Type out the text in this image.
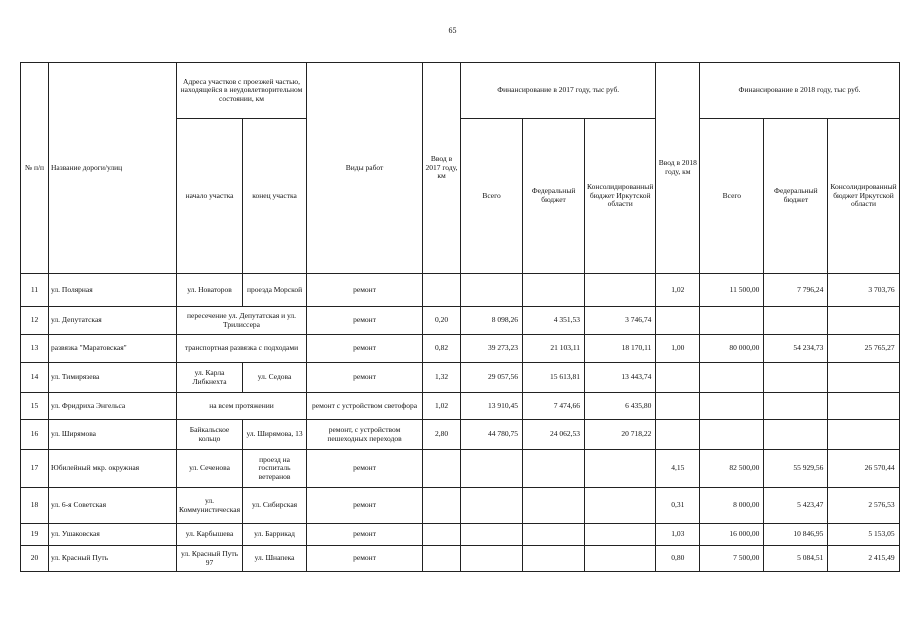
65
№ п/п	Название дороги/улиц	Адреса участков с проезжей частью, находящейся в неудовлетворительном состоянии, км		Виды работ	Ввод в 2017 году, км	Финансирование в 2017 году, тыс руб.			Ввод в 2018 году, км	Финансирование в 2018 году, тыс руб.		
		начало участка	конец участка			Всего	Федеральный бюджет	Консолидированный бюджет Иркутской области		Всего	Федеральный бюджет	Консолидированный бюджет Иркутской области
11	ул. Полярная	ул. Новаторов	проезда Морской	ремонт					1,02	11 500,00	7 796,24	3 703,76
12	ул. Депутатская	пересечение ул. Депутатская и ул. Трилиссера		ремонт	0,20	8 098,26	4 351,53	3 746,74				
13	развязка "Маратовская"	транспортная развязка с подходами		ремонт	0,82	39 273,23	21 103,11	18 170,11	1,00	80 000,00	54 234,73	25 765,27
14	ул. Тимирязева	ул. Карла Либкнехта	ул. Седова	ремонт	1,32	29 057,56	15 613,81	13 443,74				
15	ул. Фридриха Энгельса	на всем протяжении		ремонт с устройством светофора	1,02	13 910,45	7 474,66	6 435,80				
16	ул. Ширямова	Байкальское кольцо	ул. Ширямова, 13	ремонт, с устройством пешеходных переходов	2,80	44 780,75	24 062,53	20 718,22				
17	Юбилейный мкр. окружная	ул. Сеченова	проезд на госпиталь ветеранов	ремонт					4,15	82 500,00	55 929,56	26 570,44
18	ул. 6-я Советская	ул. Коммунистическая	ул. Сибирская	ремонт					0,31	8 000,00	5 423,47	2 576,53
19	ул. Ушаковская	ул. Карбышева	ул. Баррикад	ремонт					1,03	16 000,00	10 846,95	5 153,05
20	ул. Красный Путь	ул. Красный Путь 97	ул. Шнапека	ремонт					0,80	7 500,00	5 084,51	2 415,49
